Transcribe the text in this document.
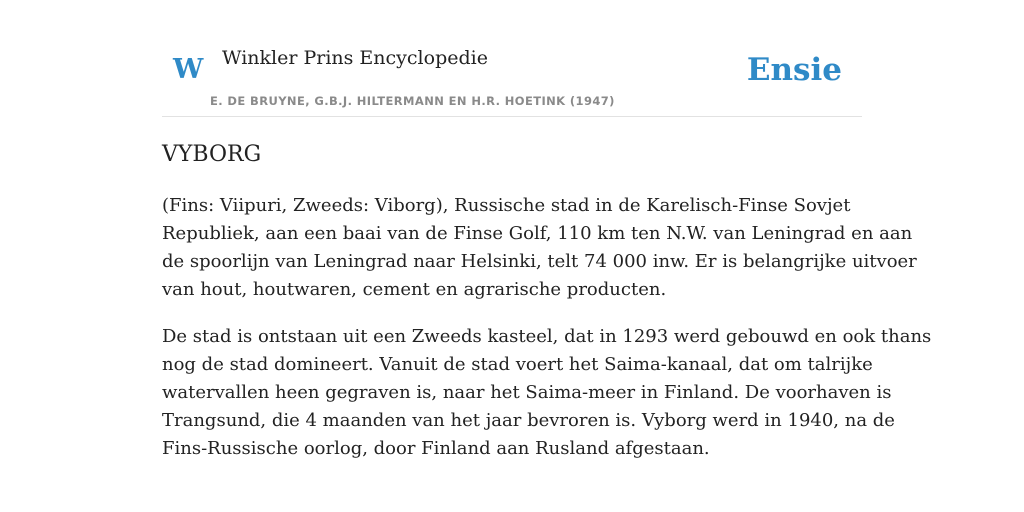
W Winkler Prins Encyclopedie
E. DE BRUYNE, G.B.J. HILTERMANN EN H.R. HOETINK (1947)
Ensie
VYBORG

(Fins: Viipuri, Zweeds: Viborg), Russische stad in de Karelisch-Finse Sovjet
Republiek, aan een baai van de Finse Golf, 110 km ten N.W. van Leningrad en aan
de spoorlijn van Leningrad naar Helsinki, telt 74 000 inw. Er is belangrijke uitvoer
van hout, houtwaren, cement en agrarische producten.

De stad is ontstaan uit een Zweeds kasteel, dat in 1293 werd gebouwd en ook thans
nog de stad domineert. Vanuit de stad voert het Saima-kanaal, dat om talrijke
watervallen heen gegraven is, naar het Saima-meer in Finland. De voorhaven is
Trangsund, die 4 maanden van het jaar bevroren is. Vyborg werd in 1940, na de
Fins-Russische oorlog, door Finland aan Rusland afgestaan.
